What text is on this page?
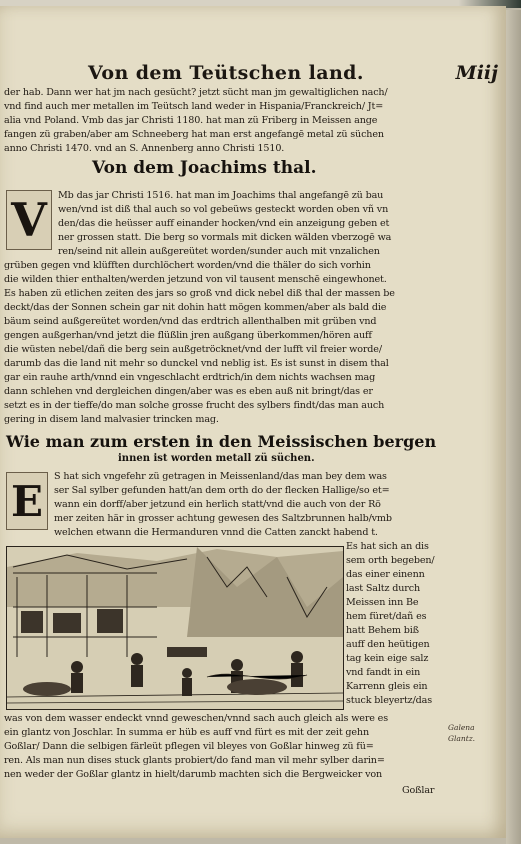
Von dem Teütschen land.	Miij
der hab. Dann wer hat jm nach gesücht? jetzt sücht man jm gewaltiglichen nach/
vnd find auch mer metallen im Teütsch land weder in Hispania/Franckreich/ Jt=
alia vnd Poland. Vmb das jar Christi 1180. hat man zü Friberg in Meissen ange
fangen zü graben/aber am Schneeberg hat man erst angefangē metal zü süchen
anno Christi 1470. vnd an S. Annenberg anno Christi 1510.
Von dem Joachims thal.
V	Mb das jar Christi 1516. hat man im Joachims thal angefangē zü bau
wen/vnd ist diß thal auch so vol gebeüws gesteckt worden oben vñ vn
den/das die heüsser auff einander hocken/vnd ein anzeigung geben et
ner grossen statt. Die berg so vormals mit dicken wälden vberzogē wa
ren/seind nit allein außgereütet worden/sunder auch mit vnzalichen
grüben gegen vnd klüfften durchlöchert worden/vnd die thäler do sich vorhin
die wilden thier enthalten/werden jetzund von vil tausent menschē eingewhonet.
Es haben zü etlichen zeiten des jars so groß vnd dick nebel diß thal der massen be
deckt/das der Sonnen schein gar nit dohin hatt mögen kommen/aber als bald die
bäum seind außgereütet worden/vnd das erdtrich allenthalben mit grüben vnd
gengen außgerhan/vnd jetzt die flüßlin jren außgang überkommen/hören auff
die wüsten nebel/dañ die berg sein außgetröcknet/vnd der lufft vil freier worde/
darumb das die land nit mehr so dunckel vnd neblig ist. Es ist sunst in disem thal
gar ein rauhe arth/vnnd ein vngeschlacht erdtrich/in dem nichts wachsen mag
dann schlehen vnd dergleichen dingen/aber was es eben auß nit bringt/das er
setzt es in der tieffe/do man solche grosse frucht des sylbers findt/das man auch
gering in disem land malvasier trincken mag.
Wie man zum ersten in den Meissischen bergen
innen ist worden metall zü süchen.
E	S hat sich vngefehr zü getragen in Meissenland/das man bey dem was
ser Sal sylber gefunden hatt/an dem orth do der flecken Hallige/so et=
wann ein dorff/aber jetzund ein herlich statt/vnd die auch von der Rö
mer zeiten här in grosser achtung gewesen des Saltzbrunnen halb/vmb
welchen etwann die Hermanduren vnnd die Catten zanckt habend t.
Es hat sich an dis
sem orth begeben/
das einer einenn
last Saltz durch
Meissen inn Be
hem füret/dañ es
hatt Behem biß
auff den heütigen
tag kein eige salz
vnd fandt in ein
Karrenn gleis ein
stuck bleyertz/das
was von dem wasser endeckt vnnd geweschen/vnnd sach auch gleich als were es
ein glantz von Joschlar. In summa er hüb es auff vnd fürt es mit der zeit gehn
Goßlar/ Dann die selbigen färleüt pflegen vil bleyes von Goßlar hinweg zü fü=
ren. Als man nun dises stuck glants probiert/do fand man vil mehr sylber darin=
nen weder der Goßlar glantz in hielt/darumb machten sich die Bergweicker von
Goßlar
Galena
Glantz.
